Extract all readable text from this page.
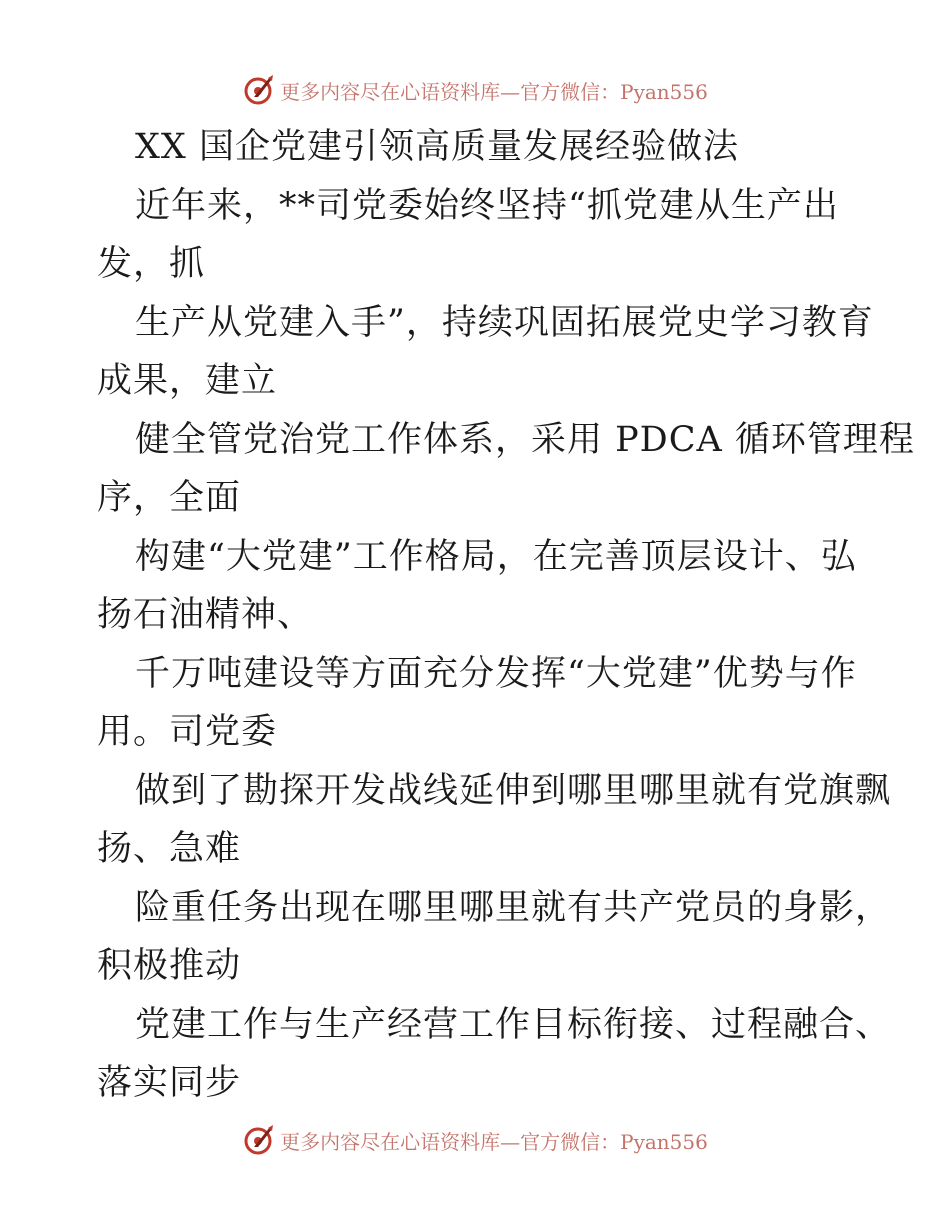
更多内容尽在心语资料库—官方微信：Pyan556
XX 国企党建引领高质量发展经验做法
近年来，**司党委始终坚持“抓党建从生产出
发，抓
生产从党建入手”，持续巩固拓展党史学习教育
成果，建立
健全管党治党工作体系，采用 PDCA 循环管理程
序，全面
构建“大党建”工作格局，在完善顶层设计、弘
扬石油精神、
千万吨建设等方面充分发挥“大党建”优势与作
用。司党委
做到了勘探开发战线延伸到哪里哪里就有党旗飘
扬、急难
险重任务出现在哪里哪里就有共产党员的身影，
积极推动
党建工作与生产经营工作目标衔接、过程融合、
落实同步
更多内容尽在心语资料库—官方微信：Pyan556
